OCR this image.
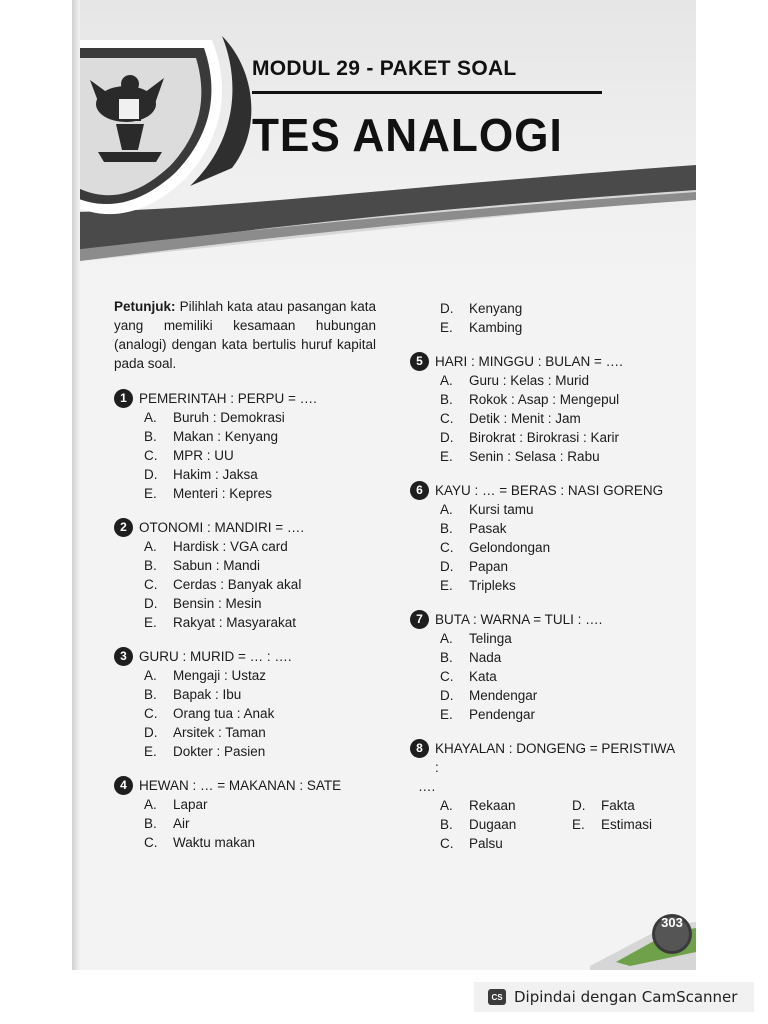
MODUL 29 - PAKET SOAL
TES ANALOGI
Petunjuk: Pilihlah kata atau pasangan kata yang memiliki kesamaan hubungan (analogi) dengan kata bertulis huruf kapital pada soal.
1 PEMERINTAH : PERPU = ….
A.	Buruh : Demokrasi
B.	Makan : Kenyang
C.	MPR : UU
D.	Hakim : Jaksa
E.	Menteri : Kepres
2 OTONOMI : MANDIRI = ….
A.	Hardisk : VGA card
B.	Sabun : Mandi
C.	Cerdas : Banyak akal
D.	Bensin : Mesin
E.	Rakyat : Masyarakat
3 GURU : MURID = … : ….
A.	Mengaji : Ustaz
B.	Bapak : Ibu
C.	Orang tua : Anak
D.	Arsitek : Taman
E.	Dokter : Pasien
4 HEWAN : … = MAKANAN : SATE
A.	Lapar
B.	Air
C.	Waktu makan
D.	Kenyang
E.	Kambing
5 HARI : MINGGU : BULAN = ….
A.	Guru : Kelas : Murid
B.	Rokok : Asap : Mengepul
C.	Detik : Menit : Jam
D.	Birokrat : Birokrasi : Karir
E.	Senin : Selasa : Rabu
6 KAYU : … = BERAS : NASI GORENG
A.	Kursi tamu
B.	Pasak
C.	Gelondongan
D.	Papan
E.	Tripleks
7 BUTA : WARNA = TULI : ….
A.	Telinga
B.	Nada
C.	Kata
D.	Mendengar
E.	Pendengar
8 KHAYALAN : DONGENG = PERISTIWA :
….
A.	Rekaan	D.	Fakta
B.	Dugaan	E.	Estimasi
C.	Palsu
303
CS Dipindai dengan CamScanner
